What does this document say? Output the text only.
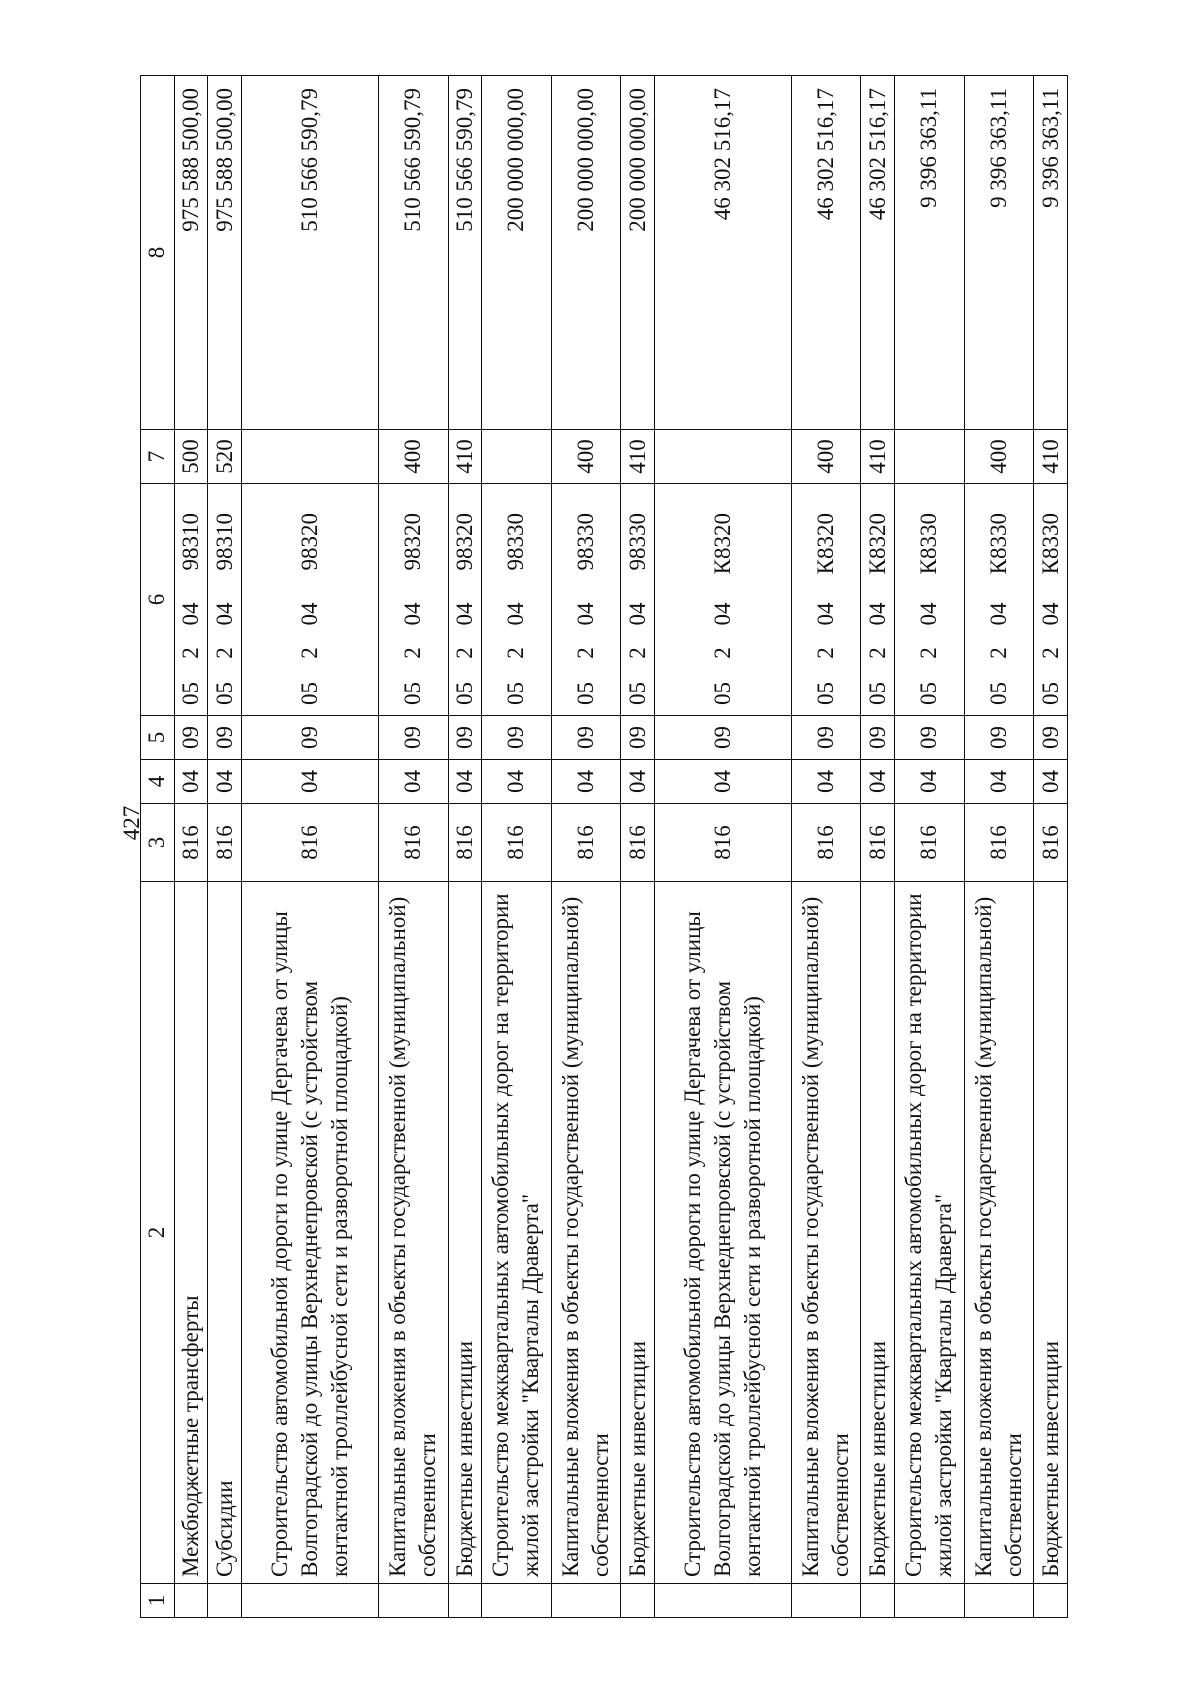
427
1	2	3	4	5	6	7	8
	Межбюджетные трансферты	816	04	09	0520498310	500	975 588 500,00
	Субсидии	816	04	09	0520498310	520	975 588 500,00
	Строительство автомобильной дороги по улице Дергачева от улицы Волгоградской до улицы Верхнеднепровской (с устройством контактной троллейбусной сети и разворотной площадкой)	816	04	09	0520498320		510 566 590,79
	Капитальные вложения в объекты государственной (муниципальной) собственности	816	04	09	0520498320	400	510 566 590,79
	Бюджетные инвестиции	816	04	09	0520498320	410	510 566 590,79
	Строительство межквартальных автомобильных дорог на территории жилой застройки "Кварталы Драверта"	816	04	09	0520498330		200 000 000,00
	Капитальные вложения в объекты государственной (муниципальной) собственности	816	04	09	0520498330	400	200 000 000,00
	Бюджетные инвестиции	816	04	09	0520498330	410	200 000 000,00
	Строительство автомобильной дороги по улице Дергачева от улицы Волгоградской до улицы Верхнеднепровской (с устройством контактной троллейбусной сети и разворотной площадкой)	816	04	09	05204К8320		46 302 516,17
	Капитальные вложения в объекты государственной (муниципальной) собственности	816	04	09	05204К8320	400	46 302 516,17
	Бюджетные инвестиции	816	04	09	05204К8320	410	46 302 516,17
	Строительство межквартальных автомобильных дорог на территории жилой застройки "Кварталы Драверта"	816	04	09	05204К8330		9 396 363,11
	Капитальные вложения в объекты государственной (муниципальной) собственности	816	04	09	05204К8330	400	9 396 363,11
	Бюджетные инвестиции	816	04	09	05204К8330	410	9 396 363,11
